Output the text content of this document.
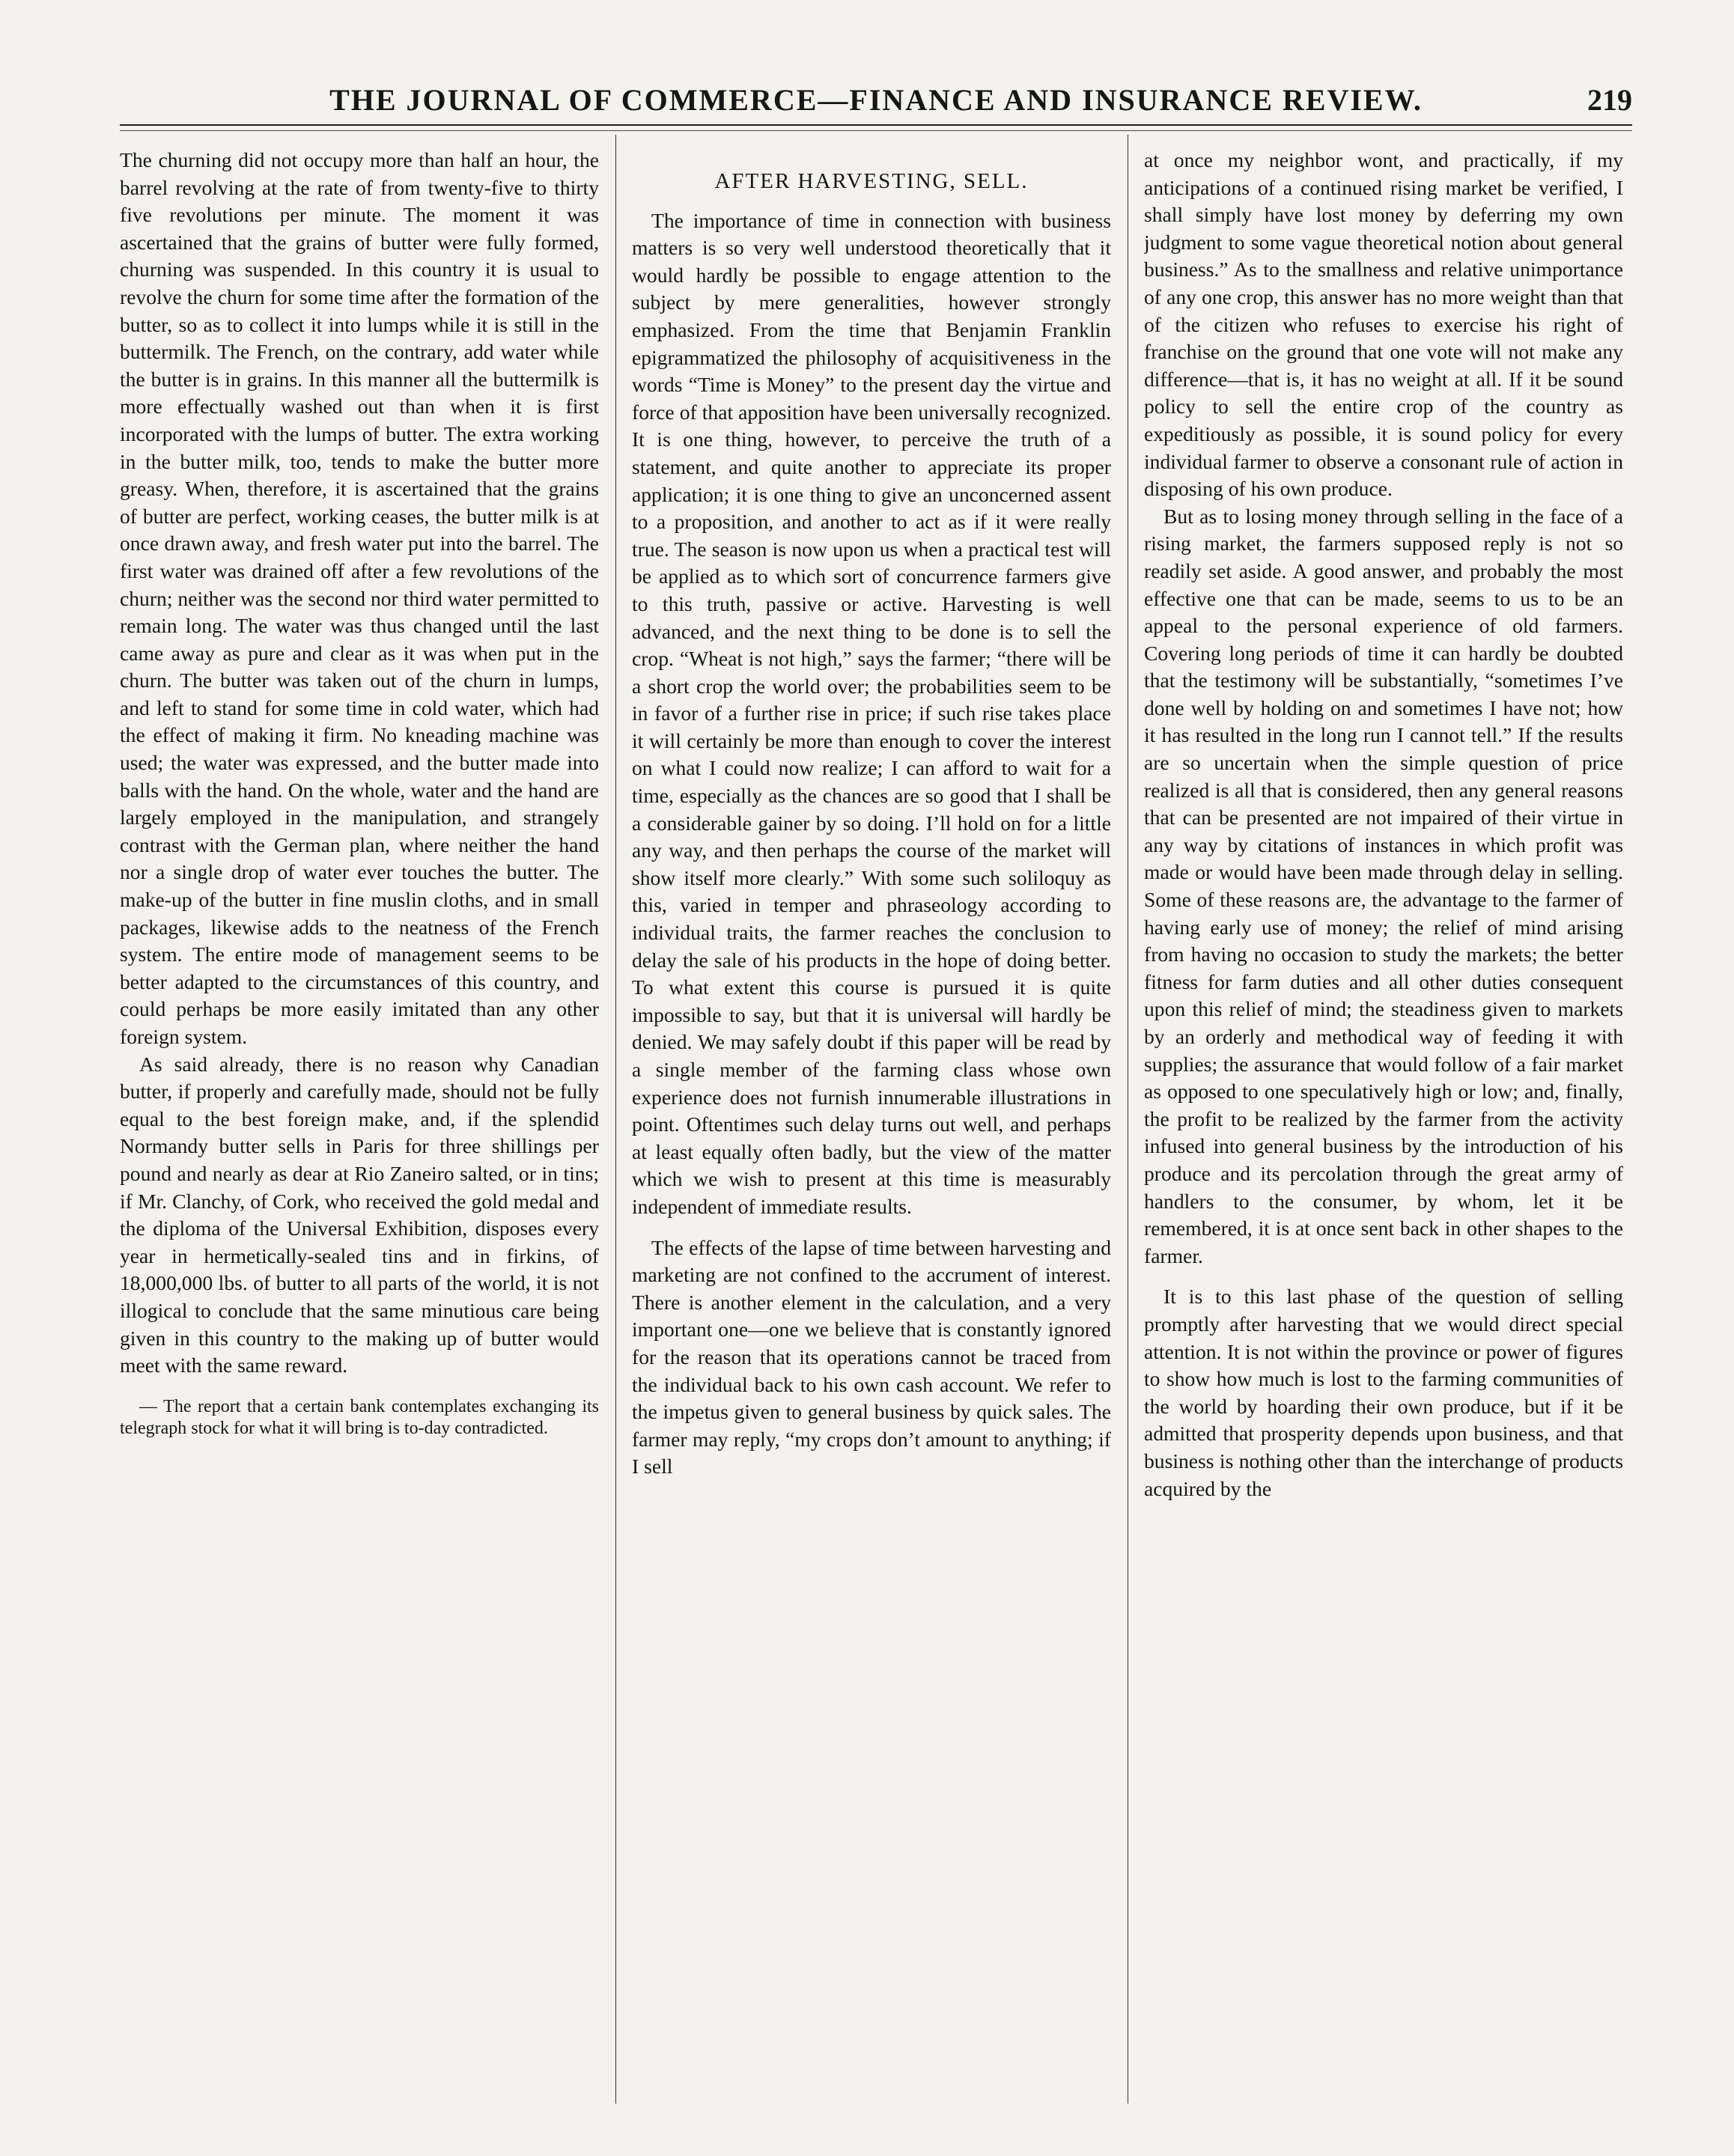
THE JOURNAL OF COMMERCE—FINANCE AND INSURANCE REVIEW.	219

The churning did not occupy more than half an hour, the barrel revolving at the rate of from twenty-five to thirty five revolutions per minute. The moment it was ascertained that the grains of butter were fully formed, churning was suspended. In this country it is usual to revolve the churn for some time after the formation of the butter, so as to collect it into lumps while it is still in the buttermilk. The French, on the contrary, add water while the butter is in grains. In this manner all the buttermilk is more effectually washed out than when it is first incorporated with the lumps of butter. The extra working in the butter milk, too, tends to make the butter more greasy. When, therefore, it is ascertained that the grains of butter are perfect, working ceases, the butter milk is at once drawn away, and fresh water put into the barrel. The first water was drained off after a few revolutions of the churn; neither was the second nor third water permitted to remain long. The water was thus changed until the last came away as pure and clear as it was when put in the churn. The butter was taken out of the churn in lumps, and left to stand for some time in cold water, which had the effect of making it firm. No kneading machine was used; the water was expressed, and the butter made into balls with the hand. On the whole, water and the hand are largely employed in the manipulation, and strangely contrast with the German plan, where neither the hand nor a single drop of water ever touches the butter. The make-up of the butter in fine muslin cloths, and in small packages, likewise adds to the neatness of the French system. The entire mode of management seems to be better adapted to the circumstances of this country, and could perhaps be more easily imitated than any other foreign system.

As said already, there is no reason why Canadian butter, if properly and carefully made, should not be fully equal to the best foreign make, and, if the splendid Normandy butter sells in Paris for three shillings per pound and nearly as dear at Rio Zaneiro salted, or in tins; if Mr. Clanchy, of Cork, who received the gold medal and the diploma of the Universal Exhibition, disposes every year in hermetically-sealed tins and in firkins, of 18,000,000 lbs. of butter to all parts of the world, it is not illogical to conclude that the same minutious care being given in this country to the making up of butter would meet with the same reward.

— The report that a certain bank contemplates exchanging its telegraph stock for what it will bring is to-day contradicted.

AFTER HARVESTING, SELL.

The importance of time in connection with business matters is so very well understood theoretically that it would hardly be possible to engage attention to the subject by mere generalities, however strongly emphasized. From the time that Benjamin Franklin epigrammatized the philosophy of acquisitiveness in the words “Time is Money” to the present day the virtue and force of that apposition have been universally recognized. It is one thing, however, to perceive the truth of a statement, and quite another to appreciate its proper application; it is one thing to give an unconcerned assent to a proposition, and another to act as if it were really true. The season is now upon us when a practical test will be applied as to which sort of concurrence farmers give to this truth, passive or active. Harvesting is well advanced, and the next thing to be done is to sell the crop. “Wheat is not high,” says the farmer; “there will be a short crop the world over; the probabilities seem to be in favor of a further rise in price; if such rise takes place it will certainly be more than enough to cover the interest on what I could now realize; I can afford to wait for a time, especially as the chances are so good that I shall be a considerable gainer by so doing. I’ll hold on for a little any way, and then perhaps the course of the market will show itself more clearly.” With some such soliloquy as this, varied in temper and phraseology according to individual traits, the farmer reaches the conclusion to delay the sale of his products in the hope of doing better. To what extent this course is pursued it is quite impossible to say, but that it is universal will hardly be denied. We may safely doubt if this paper will be read by a single member of the farming class whose own experience does not furnish innumerable illustrations in point. Oftentimes such delay turns out well, and perhaps at least equally often badly, but the view of the matter which we wish to present at this time is measurably independent of immediate results.

The effects of the lapse of time between harvesting and marketing are not confined to the accrument of interest. There is another element in the calculation, and a very important one—one we believe that is constantly ignored for the reason that its operations cannot be traced from the individual back to his own cash account. We refer to the impetus given to general business by quick sales. The farmer may reply, “my crops don’t amount to anything; if I sell

at once my neighbor wont, and practically, if my anticipations of a continued rising market be verified, I shall simply have lost money by deferring my own judgment to some vague theoretical notion about general business.” As to the smallness and relative unimportance of any one crop, this answer has no more weight than that of the citizen who refuses to exercise his right of franchise on the ground that one vote will not make any difference—that is, it has no weight at all. If it be sound policy to sell the entire crop of the country as expeditiously as possible, it is sound policy for every individual farmer to observe a consonant rule of action in disposing of his own produce.

But as to losing money through selling in the face of a rising market, the farmers supposed reply is not so readily set aside. A good answer, and probably the most effective one that can be made, seems to us to be an appeal to the personal experience of old farmers. Covering long periods of time it can hardly be doubted that the testimony will be substantially, “sometimes I’ve done well by holding on and sometimes I have not; how it has resulted in the long run I cannot tell.” If the results are so uncertain when the simple question of price realized is all that is considered, then any general reasons that can be presented are not impaired of their virtue in any way by citations of instances in which profit was made or would have been made through delay in selling. Some of these reasons are, the advantage to the farmer of having early use of money; the relief of mind arising from having no occasion to study the markets; the better fitness for farm duties and all other duties consequent upon this relief of mind; the steadiness given to markets by an orderly and methodical way of feeding it with supplies; the assurance that would follow of a fair market as opposed to one speculatively high or low; and, finally, the profit to be realized by the farmer from the activity infused into general business by the introduction of his produce and its percolation through the great army of handlers to the consumer, by whom, let it be remembered, it is at once sent back in other shapes to the farmer.

It is to this last phase of the question of selling promptly after harvesting that we would direct special attention. It is not within the province or power of figures to show how much is lost to the farming communities of the world by hoarding their own produce, but if it be admitted that prosperity depends upon business, and that business is nothing other than the interchange of products acquired by the
